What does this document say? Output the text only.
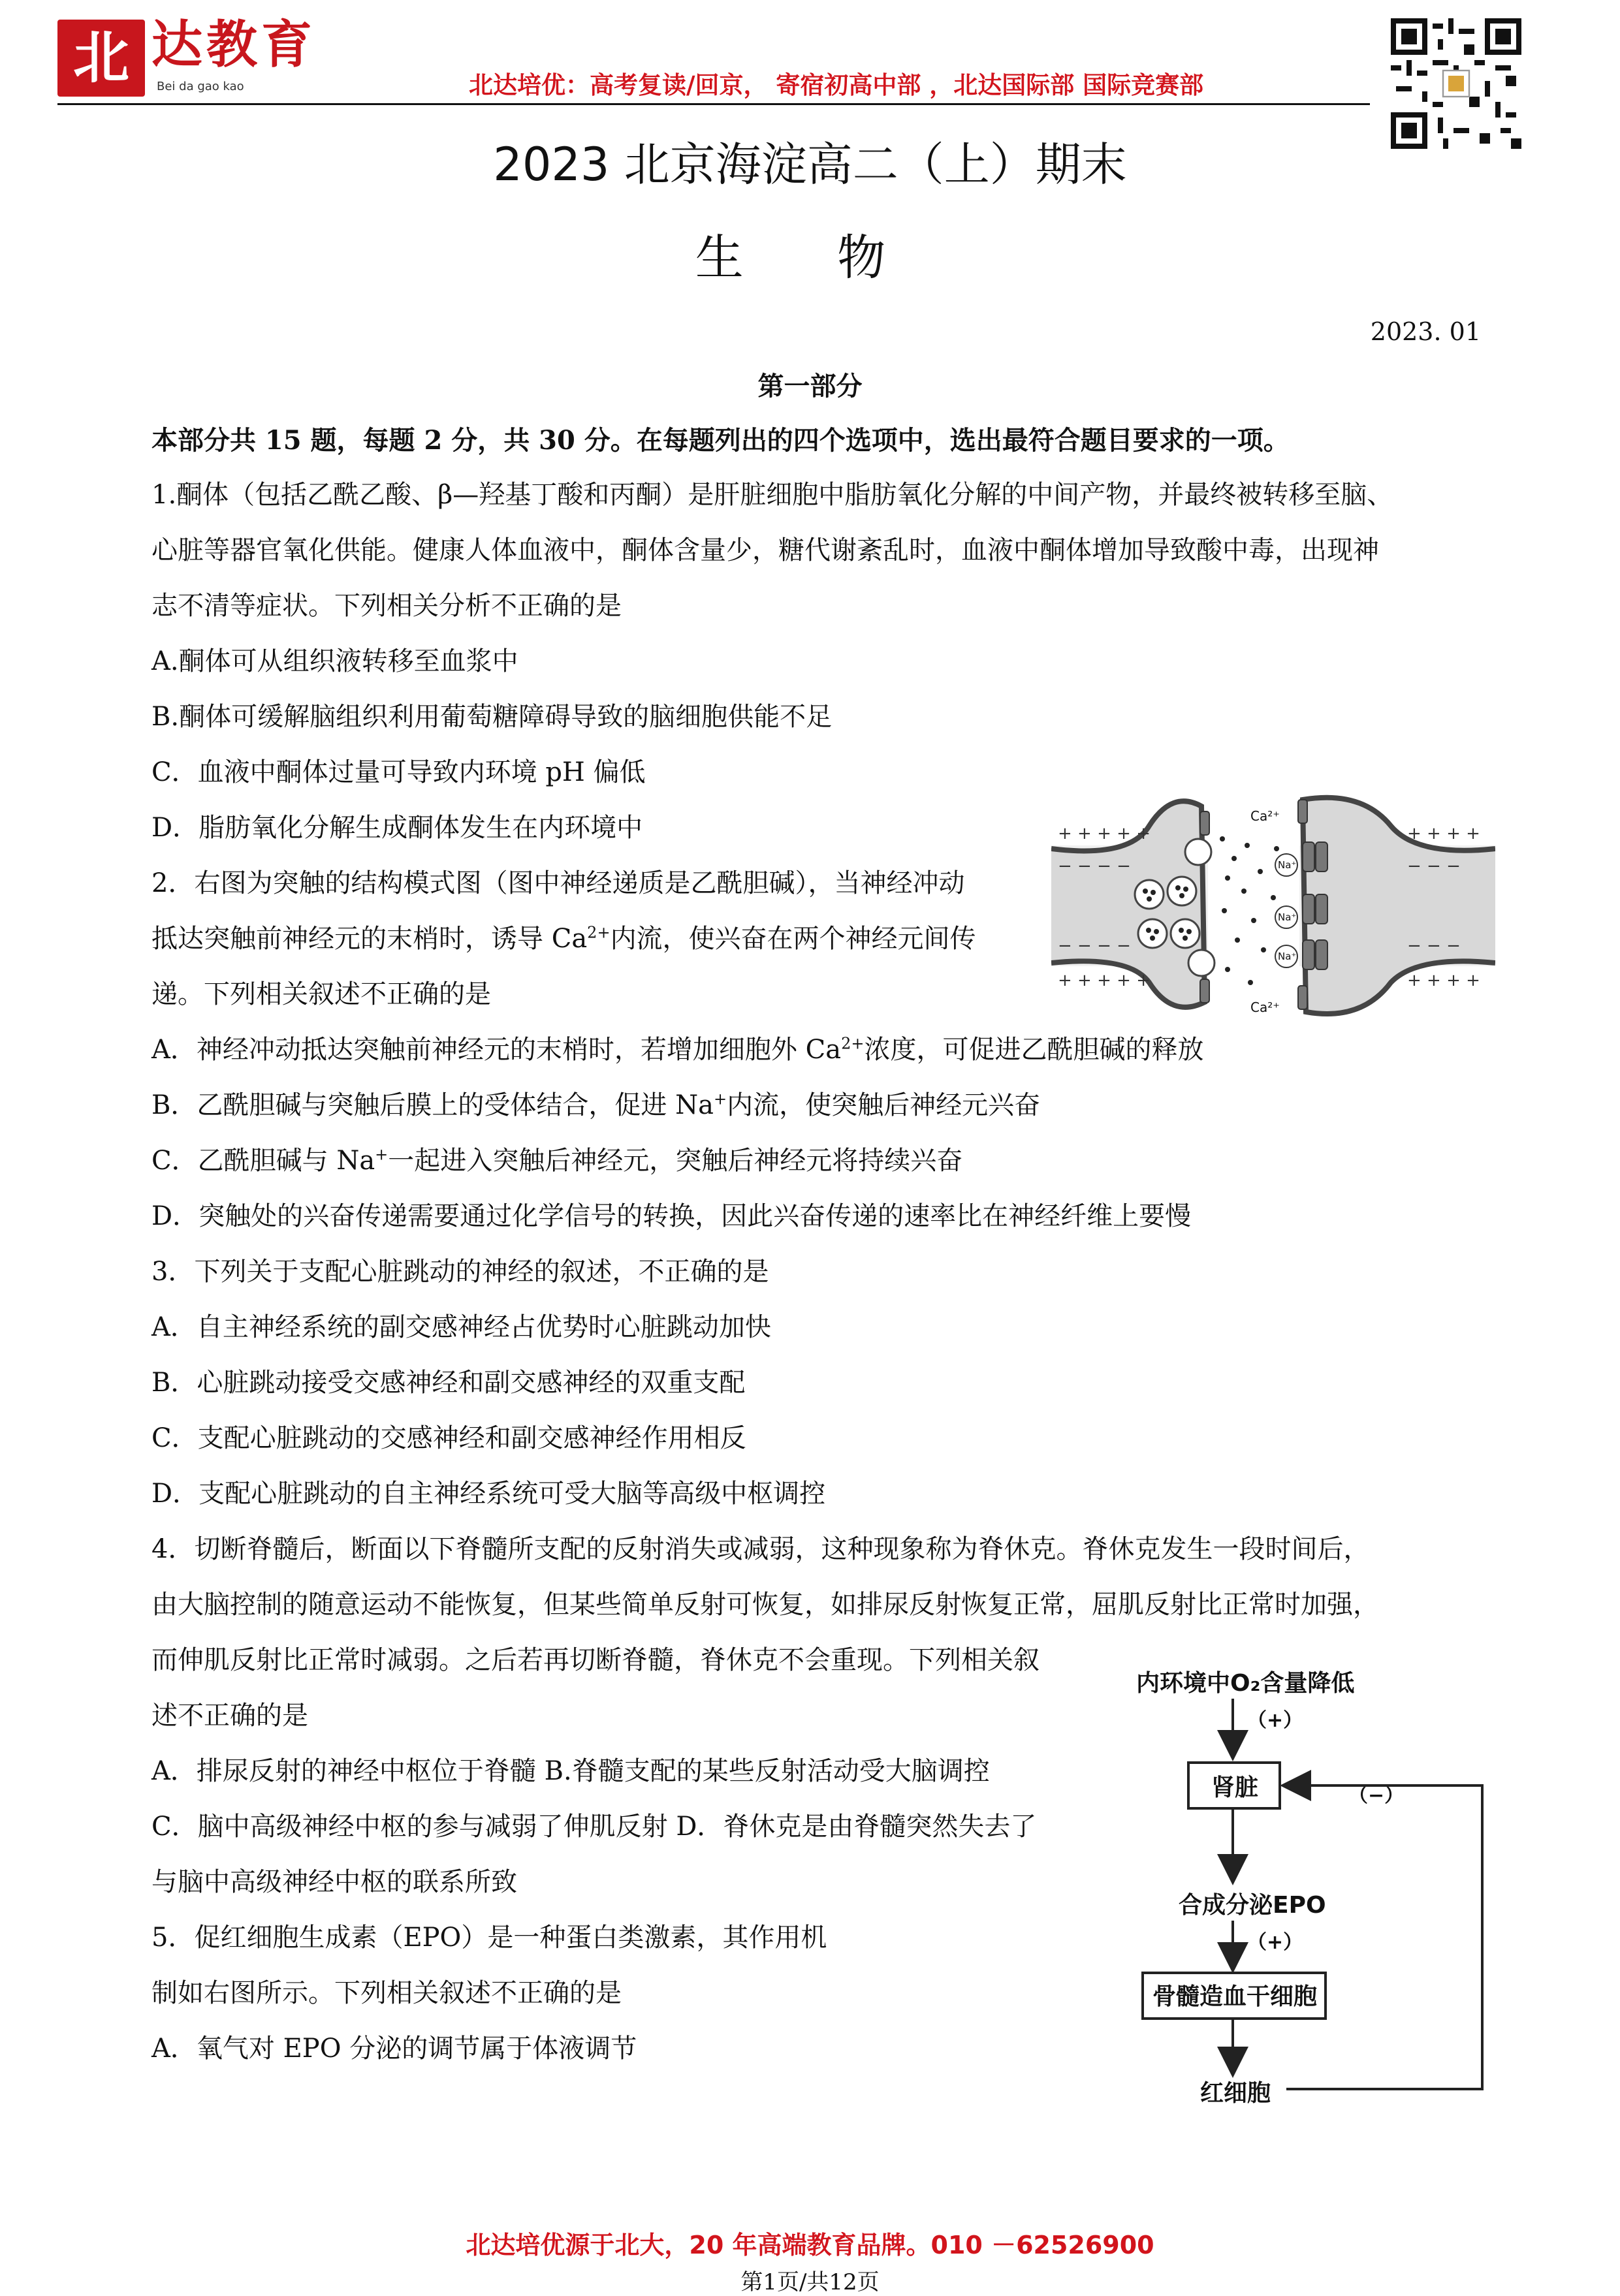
北 达教育
Bei da gao kao	北达培优：高考复读/回京， 寄宿初高中部 ，北达国际部 国际竞赛部
2023 北京海淀高二（上）期末
生 物
2023. 01
第一部分
本部分共 15 题，每题 2 分，共 30 分。在每题列出的四个选项中，选出最符合题目要求的一项。
1.酮体（包括乙酰乙酸、β—羟基丁酸和丙酮）是肝脏细胞中脂肪氧化分解的中间产物，并最终被转移至脑、
心脏等器官氧化供能。健康人体血液中，酮体含量少，糖代谢紊乱时，血液中酮体增加导致酸中毒，出现神
志不清等症状。下列相关分析不正确的是
A.酮体可从组织液转移至血浆中
B.酮体可缓解脑组织利用葡萄糖障碍导致的脑细胞供能不足
C．血液中酮体过量可导致内环境 pH 偏低
D．脂肪氧化分解生成酮体发生在内环境中
2．右图为突触的结构模式图（图中神经递质是乙酰胆碱），当神经冲动
抵达突触前神经元的末梢时，诱导 $Ca^{2+}$内流，使兴奋在两个神经元间传
递。下列相关叙述不正确的是
A．神经冲动抵达突触前神经元的末梢时，若增加细胞外 $Ca^{2+}$浓度，可促进乙酰胆碱的释放
B．乙酰胆碱与突触后膜上的受体结合，促进 Na+内流，使突触后神经元兴奋
C．乙酰胆碱与 Na+一起进入突触后神经元，突触后神经元将持续兴奋
D．突触处的兴奋传递需要通过化学信号的转换，因此兴奋传递的速率比在神经纤维上要慢
Na⁺
Na⁺
Na⁺
Ca²⁺
Ca²⁺
+ + + + +
− − − −
− − − −
+ + + + +
+ + + +
− − −
− − −
+ + + +
3．下列关于支配心脏跳动的神经的叙述，不正确的是
A．自主神经系统的副交感神经占优势时心脏跳动加快
B．心脏跳动接受交感神经和副交感神经的双重支配
C．支配心脏跳动的交感神经和副交感神经作用相反
D．支配心脏跳动的自主神经系统可受大脑等高级中枢调控
4．切断脊髓后，断面以下脊髓所支配的反射消失或减弱，这种现象称为脊休克。脊休克发生一段时间后，
由大脑控制的随意运动不能恢复，但某些简单反射可恢复，如排尿反射恢复正常，屈肌反射比正常时加强，
而伸肌反射比正常时减弱。之后若再切断脊髓，脊休克不会重现。下列相关叙
述不正确的是
A．排尿反射的神经中枢位于脊髓 B.脊髓支配的某些反射活动受大脑调控
C．脑中高级神经中枢的参与减弱了伸肌反射 D．脊休克是由脊髓突然失去了
与脑中高级神经中枢的联系所致
5．促红细胞生成素（EPO）是一种蛋白类激素，其作用机
制如右图所示。下列相关叙述不正确的是
A．氧气对 EPO 分泌的调节属于体液调节
内环境中O₂含量降低
（+）
肾脏	（−）
合成分泌EPO
（+）
骨髓造血干细胞
红细胞
北达培优源于北大，20 年高端教育品牌。010 －62526900
第1页/共12页
